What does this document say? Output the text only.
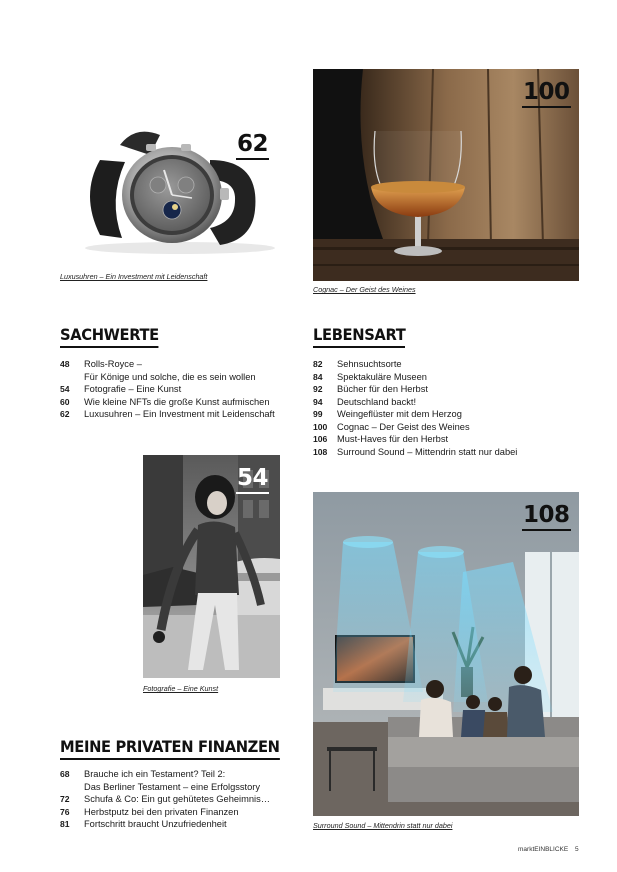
62
Luxusuhren – Ein Investment mit Leidenschaft
100
Cognac – Der Geist des Weines
SACHWERTE
48	Rolls-Royce –
Für Könige und solche, die es sein wollen
54	Fotografie – Eine Kunst
60	Wie kleine NFTs die große Kunst aufmischen
62	Luxusuhren – Ein Investment mit Leidenschaft
LEBENSART
82	Sehnsuchtsorte
84	Spektakuläre Museen
92	Bücher für den Herbst
94	Deutschland backt!
99	Weingeflüster mit dem Herzog
100	Cognac – Der Geist des Weines
106	Must-Haves für den Herbst
108	Surround Sound – Mittendrin statt nur dabei
54
Fotografie – Eine Kunst
108
Surround Sound – Mittendrin statt nur dabei
MEINE PRIVATEN FINANZEN
68	Brauche ich ein Testament? Teil 2:
Das Berliner Testament – eine Erfolgsstory
72	Schufa & Co: Ein gut gehütetes Geheimnis…
76	Herbstputz bei den privaten Finanzen
81	Fortschritt braucht Unzufriedenheit
marktEINBLICKE 5
